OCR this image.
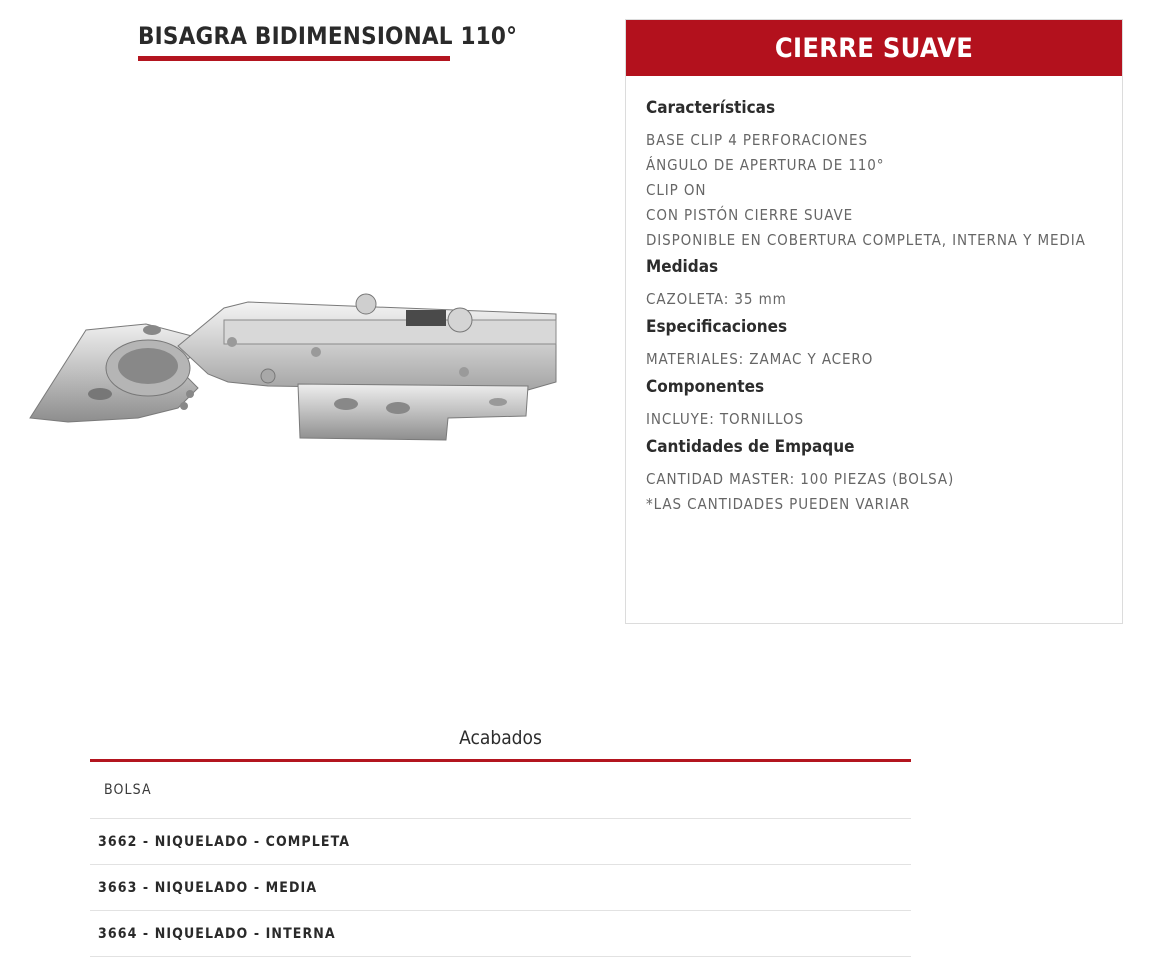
BISAGRA BIDIMENSIONAL 110°	CIERRE SUAVE
Características
BASE CLIP 4 PERFORACIONES
ÁNGULO DE APERTURA DE 110°
CLIP ON
CON PISTÓN CIERRE SUAVE
DISPONIBLE EN COBERTURA COMPLETA, INTERNA Y MEDIA
Medidas
CAZOLETA: 35 mm
Especificaciones
MATERIALES: ZAMAC Y ACERO
Componentes
INCLUYE: TORNILLOS
Cantidades de Empaque
CANTIDAD MASTER: 100 PIEZAS (BOLSA)
*LAS CANTIDADES PUEDEN VARIAR
Acabados
BOLSA
3662 - NIQUELADO - COMPLETA
3663 - NIQUELADO - MEDIA
3664 - NIQUELADO - INTERNA
